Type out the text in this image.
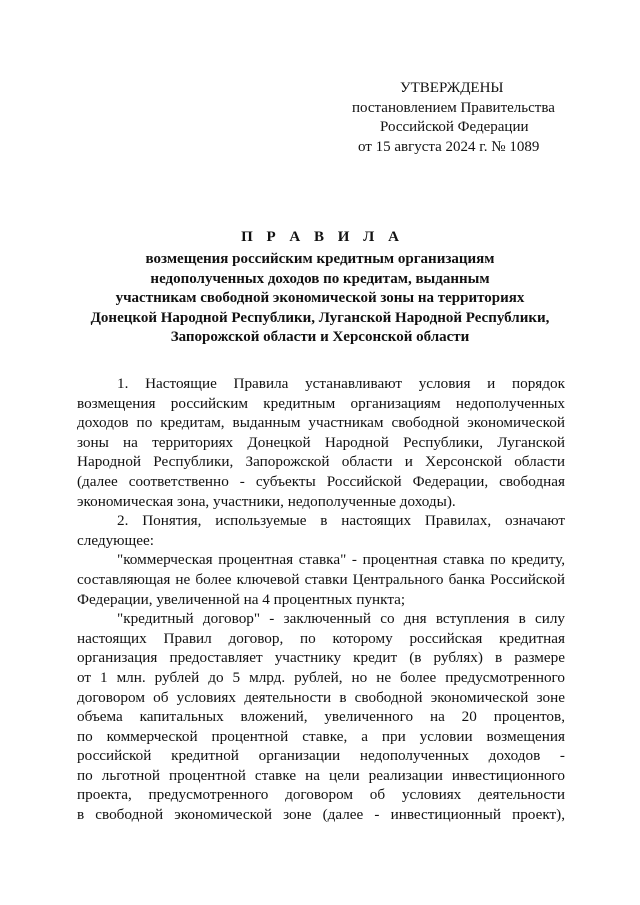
УТВЕРЖДЕНЫ
постановлением Правительства
Российской Федерации
от 15 августа 2024 г. № 1089
П Р А В И Л А
возмещения российским кредитным организациям
недополученных доходов по кредитам, выданным
участникам свободной экономической зоны на территориях
Донецкой Народной Республики, Луганской Народной Республики,
Запорожской области и Херсонской области
1. Настоящие Правила устанавливают условия и порядок
возмещения российским кредитным организациям недополученных
доходов по кредитам, выданным участникам свободной экономической
зоны на территориях Донецкой Народной Республики, Луганской
Народной Республики, Запорожской области и Херсонской области
(далее соответственно - субъекты Российской Федерации, свободная
экономическая зона, участники, недополученные доходы).
2. Понятия, используемые в настоящих Правилах, означают
следующее:
"коммерческая процентная ставка" - процентная ставка по кредиту,
составляющая не более ключевой ставки Центрального банка Российской
Федерации, увеличенной на 4 процентных пункта;
"кредитный договор" - заключенный со дня вступления в силу
настоящих Правил договор, по которому российская кредитная
организация предоставляет участнику кредит (в рублях) в размере
от 1 млн. рублей до 5 млрд. рублей, но не более предусмотренного
договором об условиях деятельности в свободной экономической зоне
объема капитальных вложений, увеличенного на 20 процентов,
по коммерческой процентной ставке, а при условии возмещения
российской кредитной организации недополученных доходов -
по льготной процентной ставке на цели реализации инвестиционного
проекта, предусмотренного договором об условиях деятельности
в свободной экономической зоне (далее - инвестиционный проект),
